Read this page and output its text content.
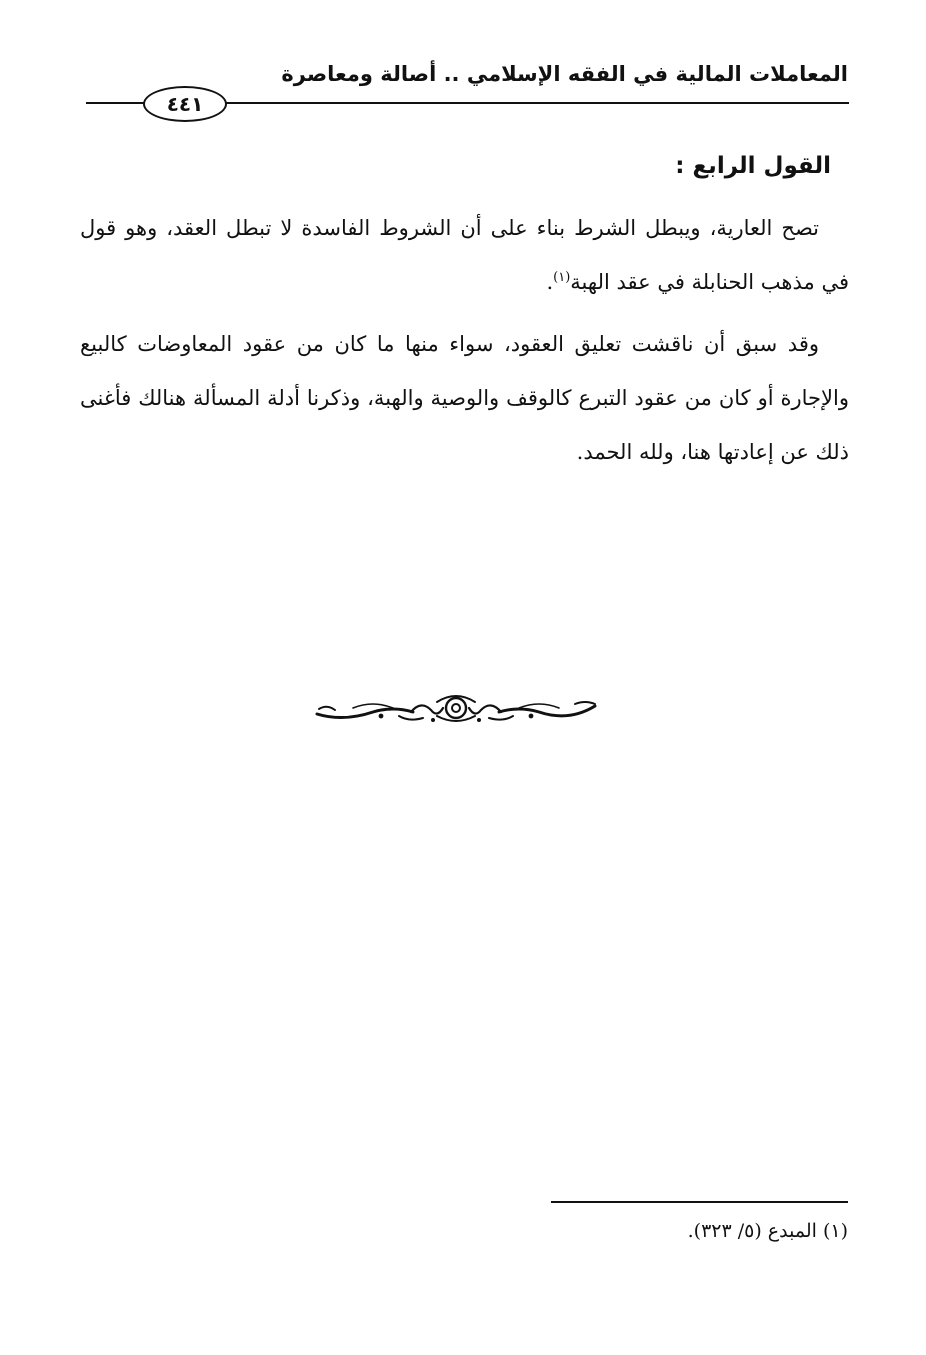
المعاملات المالية في الفقه الإسلامي .. أصالة ومعاصرة
٤٤١

القول الرابع :

تصح العارية، ويبطل الشرط بناء على أن الشروط الفاسدة لا تبطل العقد، وهو قول في مذهب الحنابلة في عقد الهبة$^{(١)}$.

وقد سبق أن ناقشت تعليق العقود، سواء منها ما كان من عقود المعاوضات كالبيع والإجارة أو كان من عقود التبرع كالوقف والوصية والهبة، وذكرنا أدلة المسألة هنالك فأغنى ذلك عن إعادتها هنا، ولله الحمد.

(١) المبدع (٥/ ٣٢٣).
